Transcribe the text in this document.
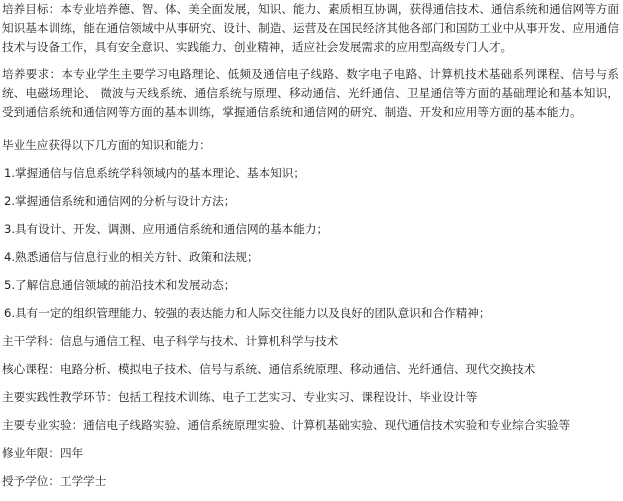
培养目标：本专业培养德、智、体、美全面发展，知识、能力、素质相互协调，获得通信技术、通信系统和通信网等方面知识基本训练，能在通信领域中从事研究、设计、制造、运营及在国民经济其他各部门和国防工业中从事开发、应用通信技术与设备工作，具有安全意识、实践能力、创业精神，适应社会发展需求的应用型高级专门人才。

培养要求：本专业学生主要学习电路理论、低频及通信电子线路、数字电子电路、计算机技术基础系列课程、信号与系统、电磁场理论、 微波与天线系统、通信系统与原理、移动通信、光纤通信、卫星通信等方面的基础理论和基本知识，受到通信系统和通信网等方面的基本训练，掌握通信系统和通信网的研究、制造、开发和应用等方面的基本能力。

毕业生应获得以下几方面的知识和能力：

1.掌握通信与信息系统学科领域内的基本理论、基本知识；

2.掌握通信系统和通信网的分析与设计方法；

3.具有设计、开发、调测、应用通信系统和通信网的基本能力；

4.熟悉通信与信息行业的相关方针、政策和法规；

5.了解信息通信领域的前沿技术和发展动态；

6.具有一定的组织管理能力、较强的表达能力和人际交往能力以及良好的团队意识和合作精神；

主干学科：信息与通信工程、电子科学与技术、计算机科学与技术

核心课程：电路分析、模拟电子技术、信号与系统、通信系统原理、移动通信、光纤通信、现代交换技术

主要实践性教学环节：包括工程技术训练、电子工艺实习、专业实习、课程设计、毕业设计等

主要专业实验：通信电子线路实验、通信系统原理实验、计算机基础实验、现代通信技术实验和专业综合实验等

修业年限：四年

授予学位：工学学士
